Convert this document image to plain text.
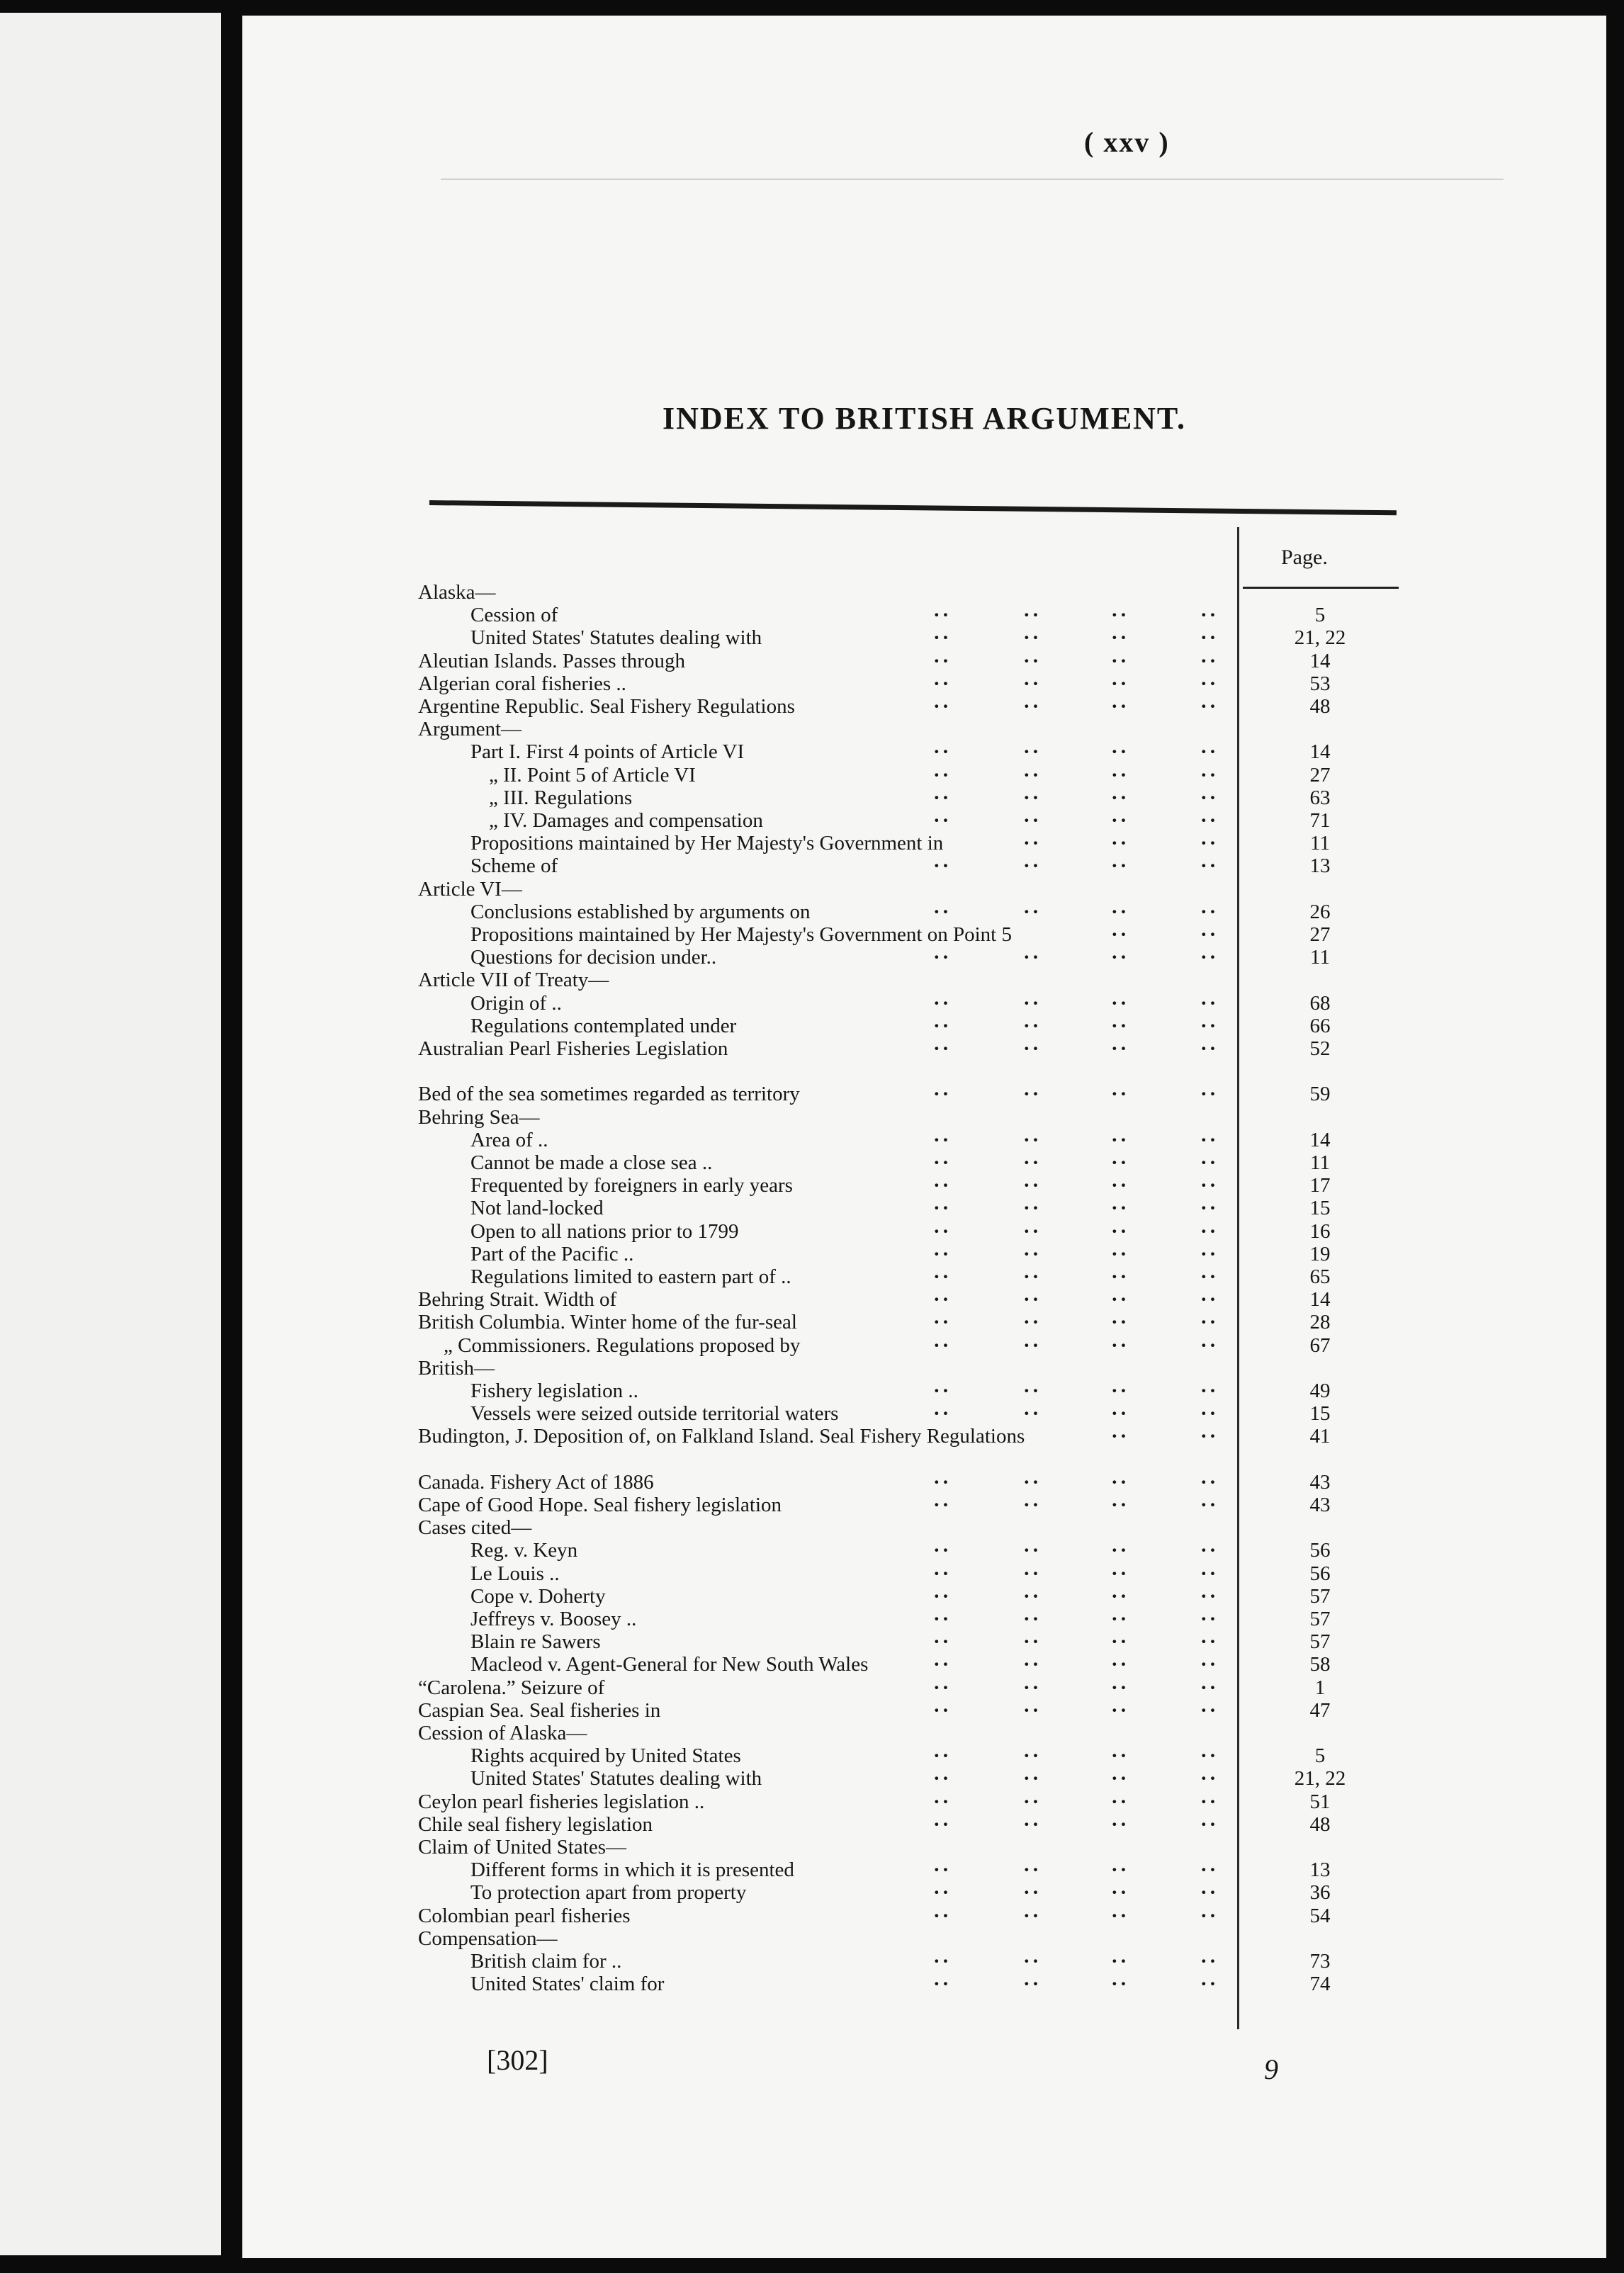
( xxv )
INDEX TO BRITISH ARGUMENT.
Page.
Alaska—
Cession of	··	··	··	··	5
United States' Statutes dealing with	··	··	··	··	21, 22
Aleutian Islands. Passes through	··	··	··	··	14
Algerian coral fisheries ..	··	··	··	··	53
Argentine Republic. Seal Fishery Regulations	··	··	··	··	48
Argument—
Part I. First 4 points of Article VI	··	··	··	··	14
„ II. Point 5 of Article VI	··	··	··	··	27
„ III. Regulations	··	··	··	··	63
„ IV. Damages and compensation	··	··	··	··	71
Propositions maintained by Her Majesty's Government in	··	··	··	11
Scheme of	··	··	··	··	13
Article VI—
Conclusions established by arguments on	··	··	··	··	26
Propositions maintained by Her Majesty's Government on Point 5	··	··	27
Questions for decision under..	··	··	··	··	11
Article VII of Treaty—
Origin of ..	··	··	··	··	68
Regulations contemplated under	··	··	··	··	66
Australian Pearl Fisheries Legislation	··	··	··	··	52
Bed of the sea sometimes regarded as territory	··	··	··	··	59
Behring Sea—
Area of ..	··	··	··	··	14
Cannot be made a close sea ..	··	··	··	··	11
Frequented by foreigners in early years	··	··	··	··	17
Not land-locked	··	··	··	··	15
Open to all nations prior to 1799	··	··	··	··	16
Part of the Pacific ..	··	··	··	··	19
Regulations limited to eastern part of ..	··	··	··	··	65
Behring Strait. Width of	··	··	··	··	14
British Columbia. Winter home of the fur-seal	··	··	··	··	28
„ Commissioners. Regulations proposed by	··	··	··	··	67
British—
Fishery legislation ..	··	··	··	··	49
Vessels were seized outside territorial waters	··	··	··	··	15
Budington, J. Deposition of, on Falkland Island. Seal Fishery Regulations	··	··	41
Canada. Fishery Act of 1886	··	··	··	··	43
Cape of Good Hope. Seal fishery legislation	··	··	··	··	43
Cases cited—
Reg. v. Keyn	··	··	··	··	56
Le Louis ..	··	··	··	··	56
Cope v. Doherty	··	··	··	··	57
Jeffreys v. Boosey ..	··	··	··	··	57
Blain re Sawers	··	··	··	··	57
Macleod v. Agent-General for New South Wales	··	··	··	··	58
“Carolena.” Seizure of	··	··	··	··	1
Caspian Sea. Seal fisheries in	··	··	··	··	47
Cession of Alaska—
Rights acquired by United States	··	··	··	··	5
United States' Statutes dealing with	··	··	··	··	21, 22
Ceylon pearl fisheries legislation ..	··	··	··	··	51
Chile seal fishery legislation	··	··	··	··	48
Claim of United States—
Different forms in which it is presented	··	··	··	··	13
To protection apart from property	··	··	··	··	36
Colombian pearl fisheries	··	··	··	··	54
Compensation—
British claim for ..	··	··	··	··	73
United States' claim for	··	··	··	··	74
[302]	9
